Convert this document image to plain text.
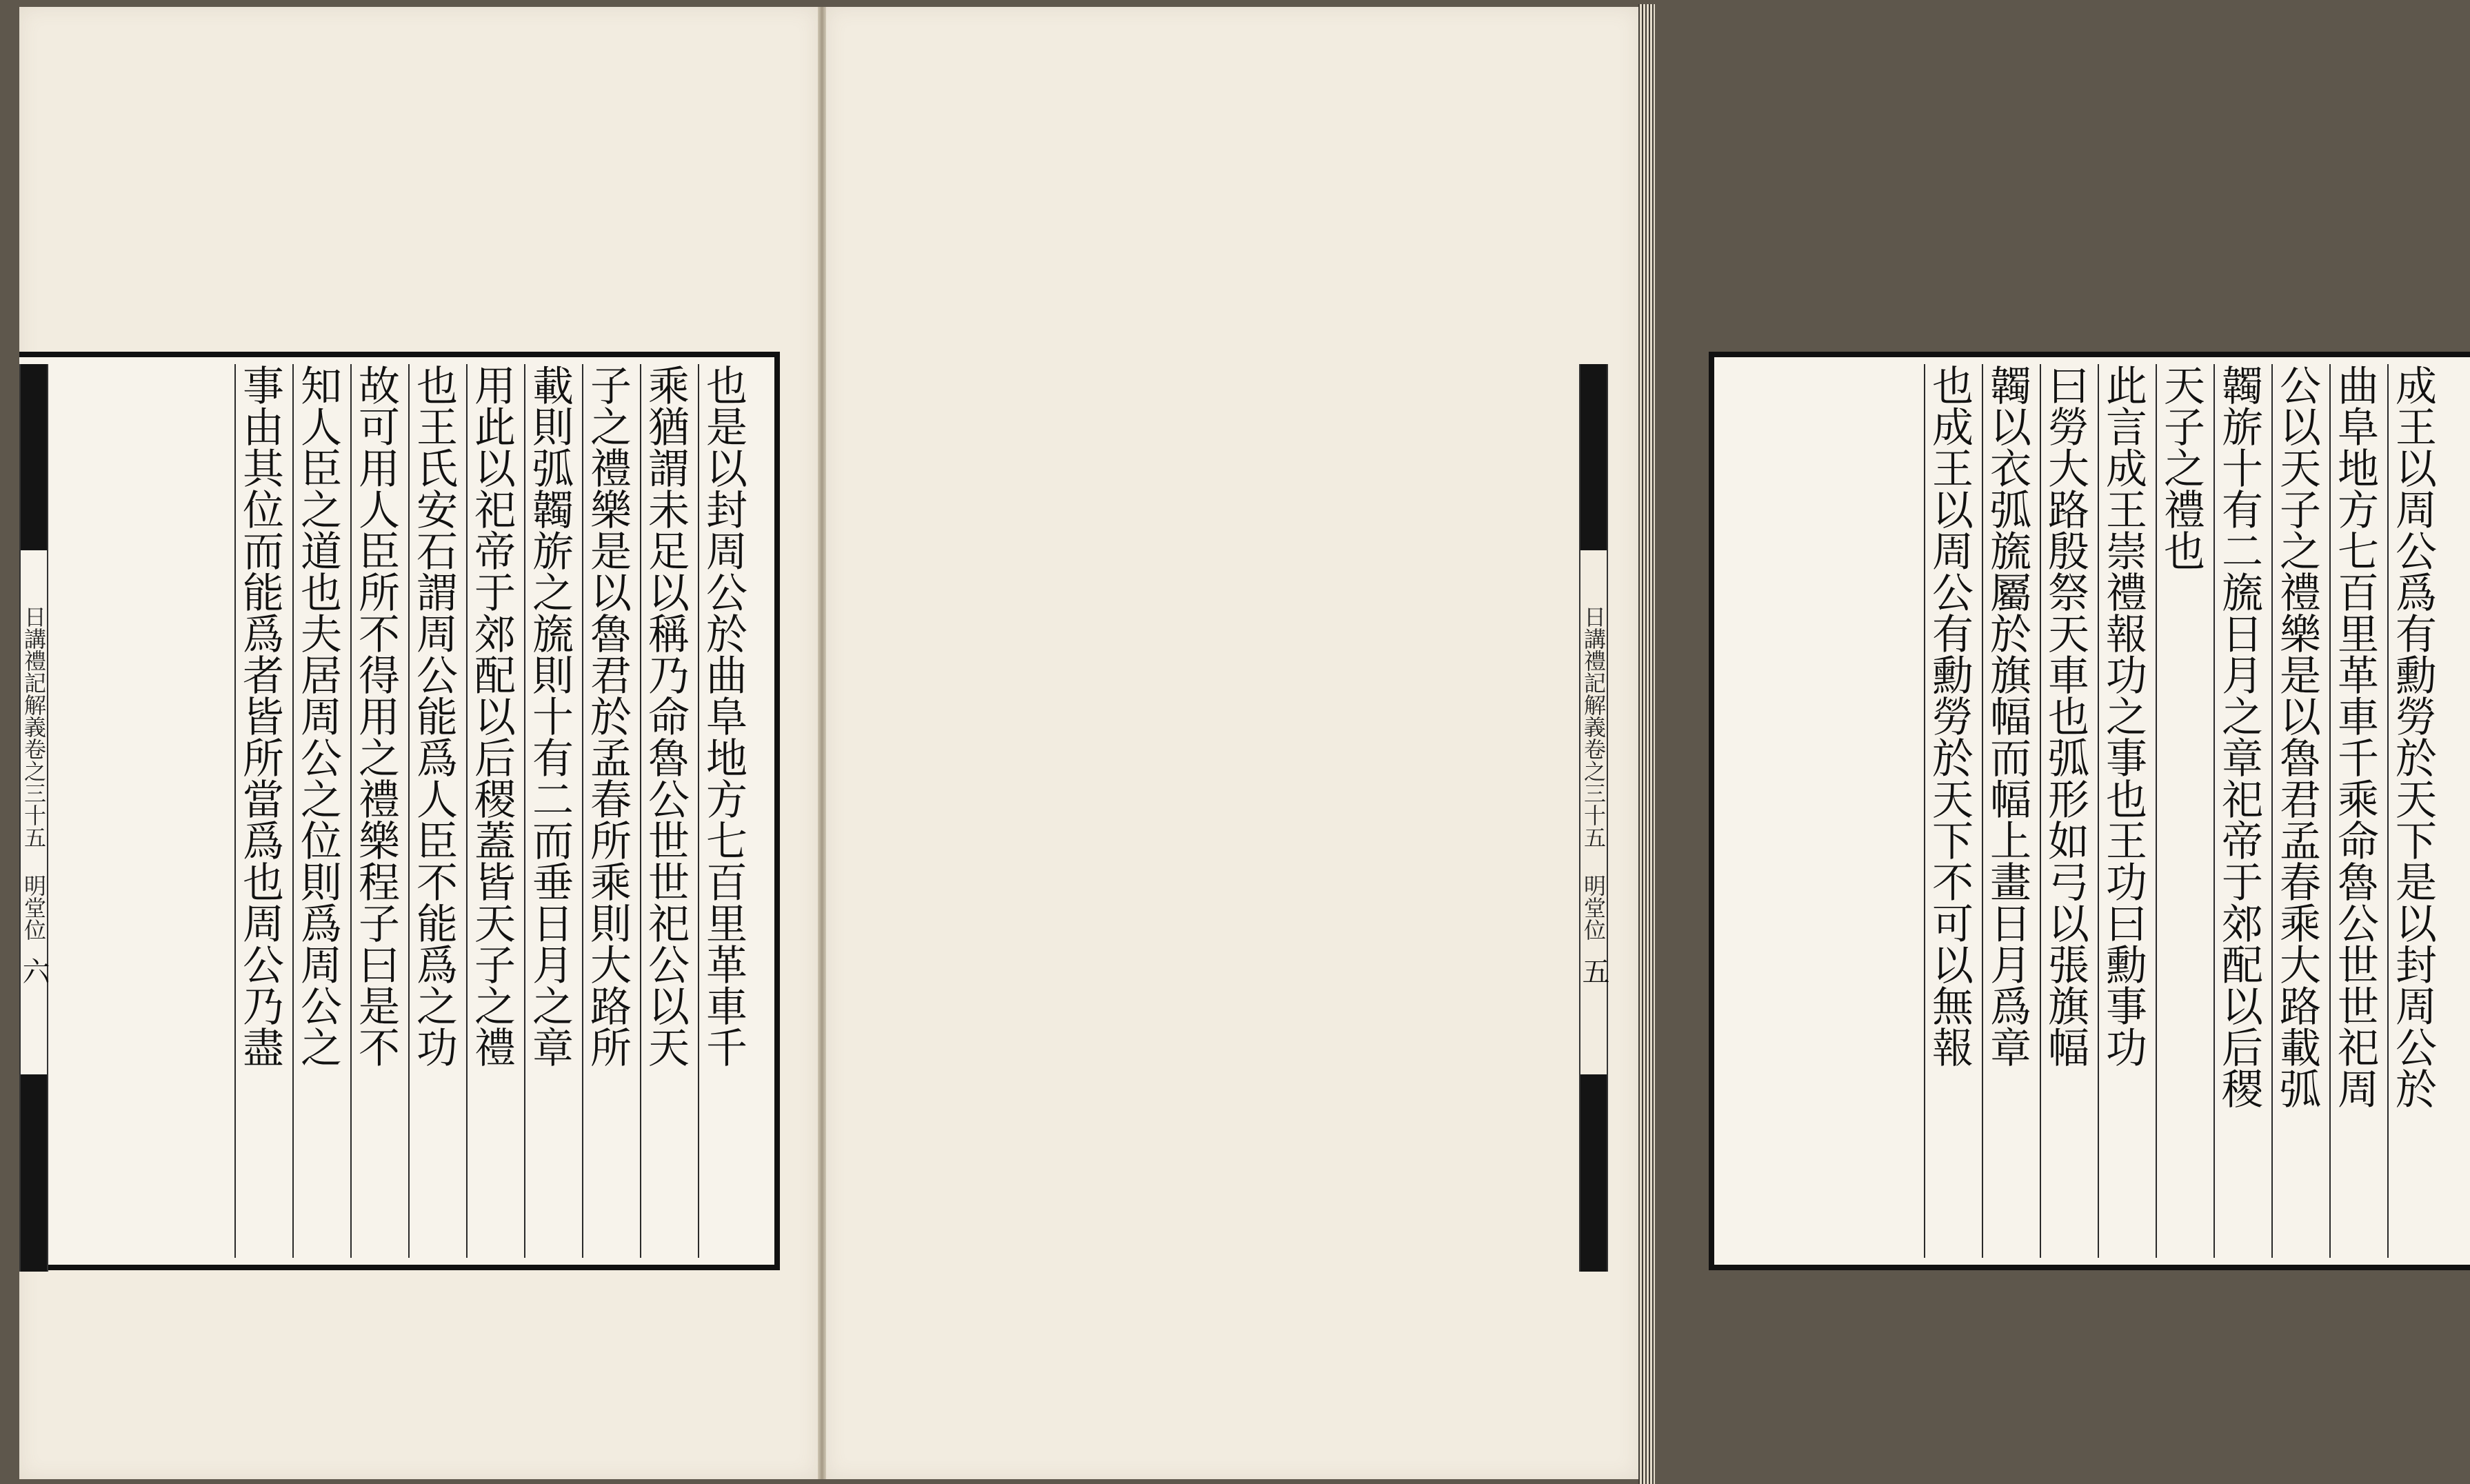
也是以封周公於曲阜地方七百里革車千
乘猶謂未足以稱乃命魯公世世祀公以天
子之禮樂是以魯君於孟春所乘則大路所
載則弧韣旂之旒則十有二而垂日月之章
用此以祀帝于郊配以后稷蓋皆天子之禮
也王氏安石謂周公能爲人臣不能爲之功
故可用人臣所不得用之禮樂程子曰是不
知人臣之道也夫居周公之位則爲周公之
事由其位而能爲者皆所當爲也周公乃盡
日講禮記解義卷之三十五 明堂位
六	成王以周公爲有勳勞於天下是以封周公於
曲阜地方七百里革車千乘命魯公世世祀周
公以天子之禮樂是以魯君孟春乘大路載弧
韣旂十有二旒日月之章祀帝于郊配以后稷
天子之禮也
此言成王崇禮報功之事也王功曰勳事功
曰勞大路殷祭天車也弧形如弓以張旗幅
韣以衣弧旒屬於旗幅而幅上畫日月爲章
也成王以周公有勳勞於天下不可以無報
日講禮記解義卷之三十五 明堂位
五
